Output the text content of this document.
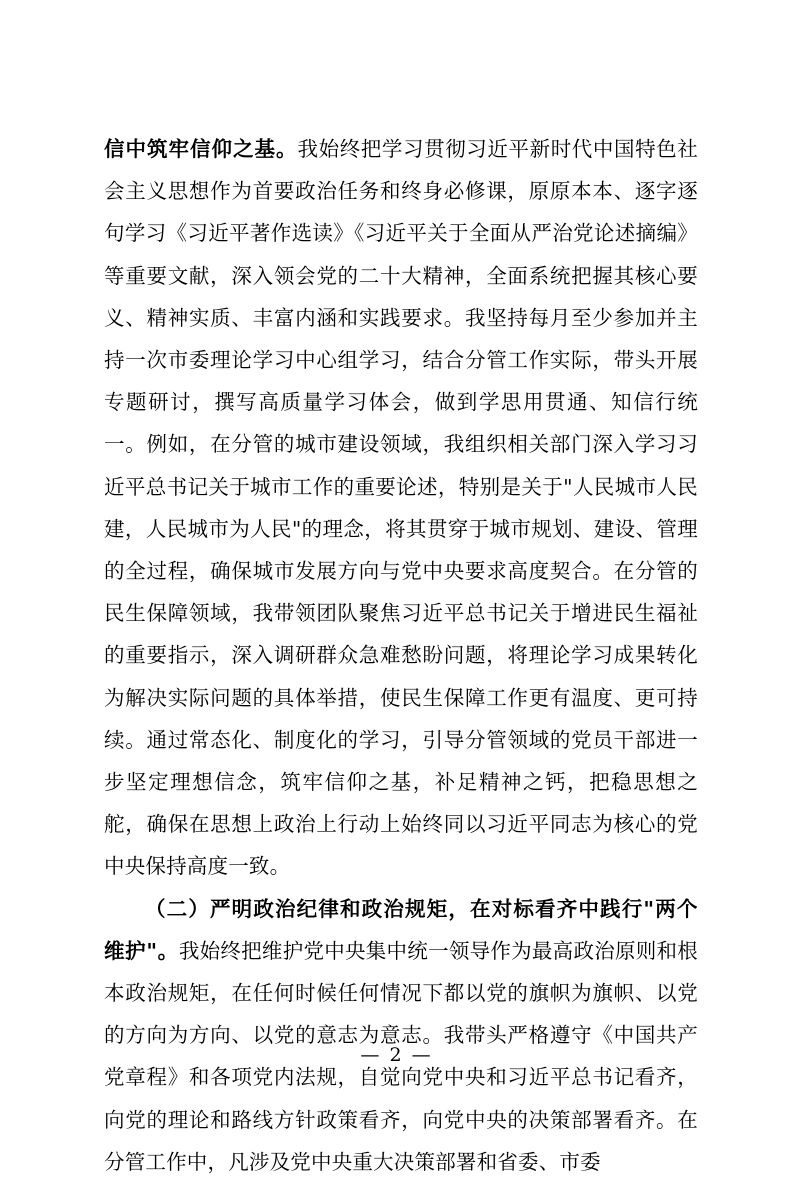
信中筑牢信仰之基。我始终把学习贯彻习近平新时代中国特色社会主义思想作为首要政治任务和终身必修课，原原本本、逐字逐句学习《习近平著作选读》《习近平关于全面从严治党论述摘编》等重要文献，深入领会党的二十大精神，全面系统把握其核心要义、精神实质、丰富内涵和实践要求。我坚持每月至少参加并主持一次市委理论学习中心组学习，结合分管工作实际，带头开展专题研讨，撰写高质量学习体会，做到学思用贯通、知信行统一。例如，在分管的城市建设领域，我组织相关部门深入学习习近平总书记关于城市工作的重要论述，特别是关于"人民城市人民建，人民城市为人民"的理念，将其贯穿于城市规划、建设、管理的全过程，确保城市发展方向与党中央要求高度契合。在分管的民生保障领域，我带领团队聚焦习近平总书记关于增进民生福祉的重要指示，深入调研群众急难愁盼问题，将理论学习成果转化为解决实际问题的具体举措，使民生保障工作更有温度、更可持续。通过常态化、制度化的学习，引导分管领域的党员干部进一步坚定理想信念，筑牢信仰之基，补足精神之钙，把稳思想之舵，确保在思想上政治上行动上始终同以习近平同志为核心的党中央保持高度一致。

（二）严明政治纪律和政治规矩，在对标看齐中践行"两个维护"。我始终把维护党中央集中统一领导作为最高政治原则和根本政治规矩，在任何时候任何情况下都以党的旗帜为旗帜、以党的方向为方向、以党的意志为意志。我带头严格遵守《中国共产党章程》和各项党内法规，自觉向党中央和习近平总书记看齐，向党的理论和路线方针政策看齐，向党中央的决策部署看齐。在分管工作中，凡涉及党中央重大决策部署和省委、市委

— 2 —
